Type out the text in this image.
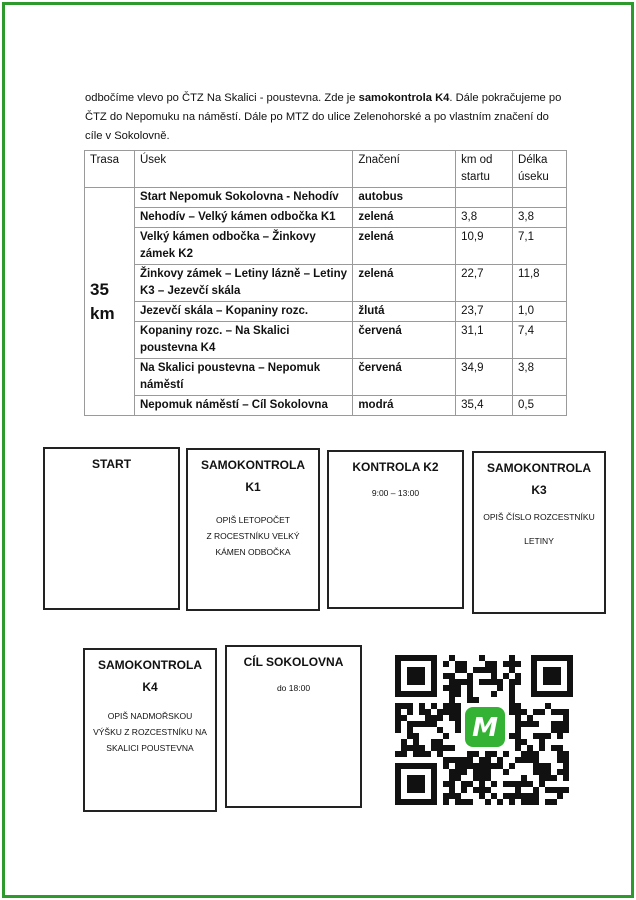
odbočíme vlevo po ČTZ Na Skalici - poustevna. Zde je samokontrola K4. Dále pokračujeme po ČTZ do Nepomuku na náměstí. Dále po MTZ do ulice Zelenohorské a po vlastním značení do cíle v Sokolovně.

Trasa	Úsek	Značení	km od startu	Délka úseku
35
km	Start Nepomuk Sokolovna - Nehodív	autobus		
	Nehodív – Velký kámen odbočka K1	zelená	3,8	3,8
	Velký kámen odbočka – Žinkovy zámek K2	zelená	10,9	7,1
	Žinkovy zámek – Letiny lázně – Letiny K3 – Jezevčí skála	zelená	22,7	11,8
	Jezevčí skála – Kopaniny rozc.	žlutá	23,7	1,0
	Kopaniny rozc. – Na Skalici poustevna K4	červená	31,1	7,4
	Na Skalici poustevna – Nepomuk náměstí	červená	34,9	3,8
	Nepomuk náměstí – Cíl Sokolovna	modrá	35,4	0,5
START	SAMOKONTROLA K1
OPIŠ LETOPOČET
Z ROCESTNÍKU VELKÝ
KÁMEN ODBOČKA
KONTROLA K2
9:00 – 13:00
SAMOKONTROLA K3
OPIŠ ČÍSLO ROZCESTNÍKU
LETINY
SAMOKONTROLA K4
OPIŠ NADMOŘSKOU
VÝŠKU Z ROZCESTNÍKU NA
SKALICI POUSTEVNA
CÍL SOKOLOVNA
do 18:00
M
